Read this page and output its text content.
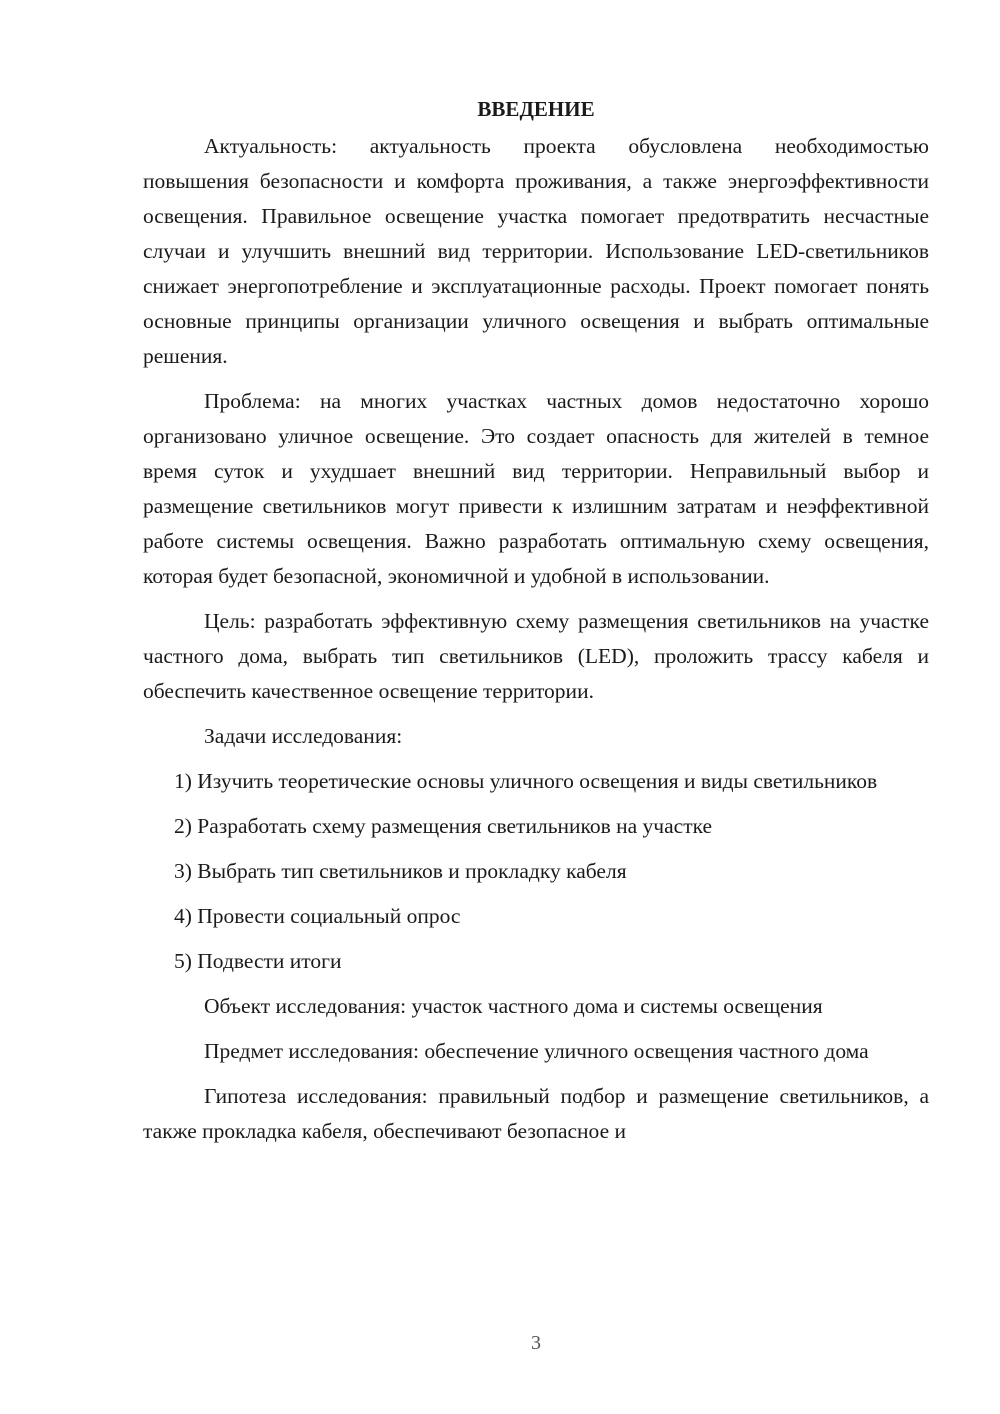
ВВЕДЕНИЕ

Актуальность: актуальность проекта обусловлена необходимостью повышения безопасности и комфорта проживания, а также энергоэффективности освещения. Правильное освещение участка помогает предотвратить несчастные случаи и улучшить внешний вид территории. Использование LED-светильников снижает энергопотребление и эксплуатационные расходы. Проект помогает понять основные принципы организации уличного освещения и выбрать оптимальные решения.

Проблема: на многих участках частных домов недостаточно хорошо организовано уличное освещение. Это создает опасность для жителей в темное время суток и ухудшает внешний вид территории. Неправильный выбор и размещение светильников могут привести к излишним затратам и неэффективной работе системы освещения. Важно разработать оптимальную схему освещения, которая будет безопасной, экономичной и удобной в использовании.

Цель: разработать эффективную схему размещения светильников на участке частного дома, выбрать тип светильников (LED), проложить трассу кабеля и обеспечить качественное освещение территории.

Задачи исследования:

1) Изучить теоретические основы уличного освещения и виды светильников

2) Разработать схему размещения светильников на участке

3) Выбрать тип светильников и прокладку кабеля

4) Провести социальный опрос

5) Подвести итоги

Объект исследования: участок частного дома и системы освещения

Предмет исследования: обеспечение уличного освещения частного дома

Гипотеза исследования: правильный подбор и размещение светильников, а также прокладка кабеля, обеспечивают безопасное и

3
